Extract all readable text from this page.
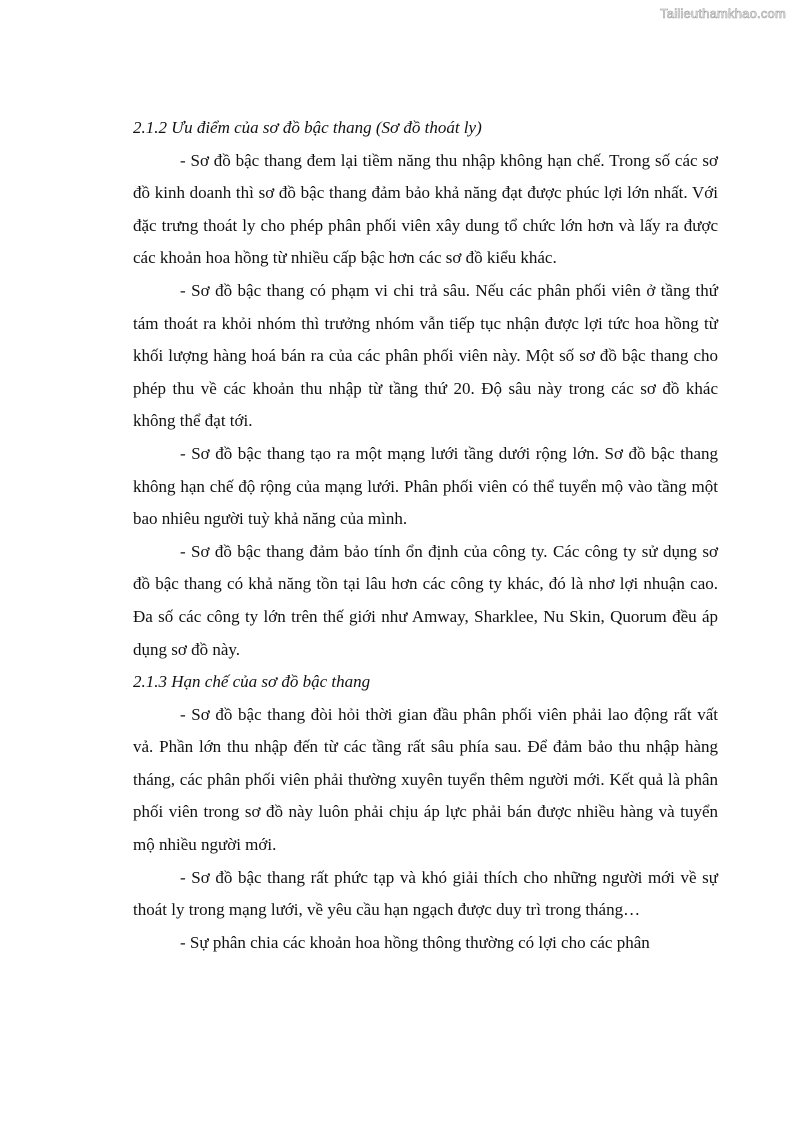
Tailieuthamkhao.com

2.1.2 Ưu điểm của sơ đồ bậc thang (Sơ đồ thoát ly)

- Sơ đồ bậc thang đem lại tiềm năng thu nhập không hạn chế. Trong số các sơ đồ kinh doanh thì sơ đồ bậc thang đảm bảo khả năng đạt được phúc lợi lớn nhất. Với đặc trưng thoát ly cho phép phân phối viên xây dung tổ chức lớn hơn và lấy ra được các khoản hoa hồng từ nhiều cấp bậc hơn các sơ đồ kiểu khác.

- Sơ đồ bậc thang có phạm vi chi trả sâu. Nếu các phân phối viên ở tầng thứ tám thoát ra khỏi nhóm thì trưởng nhóm vẫn tiếp tục nhận được lợi tức hoa hồng từ khối lượng hàng hoá bán ra của các phân phối viên này. Một số sơ đồ bậc thang cho phép thu về các khoản thu nhập từ tầng thứ 20. Độ sâu này trong các sơ đồ khác không thể đạt tới.

- Sơ đồ bậc thang tạo ra một mạng lưới tầng dưới rộng lớn. Sơ đồ bậc thang không hạn chế độ rộng của mạng lưới. Phân phối viên có thể tuyển mộ vào tầng một bao nhiêu người tuỳ khả năng của mình.

- Sơ đồ bậc thang đảm bảo tính ổn định của công ty. Các công ty sử dụng sơ đồ bậc thang có khả năng tồn tại lâu hơn các công ty khác, đó là nhơ lợi nhuận cao. Đa số các công ty lớn trên thế giới như Amway, Sharklee, Nu Skin, Quorum đều áp dụng sơ đồ này.

2.1.3 Hạn chế của sơ đồ bậc thang

- Sơ đồ bậc thang đòi hỏi thời gian đầu phân phối viên phải lao động rất vất vả. Phần lớn thu nhập đến từ các tầng rất sâu phía sau. Để đảm bảo thu nhập hàng tháng, các phân phối viên phải thường xuyên tuyển thêm người mới. Kết quả là phân phối viên trong sơ đồ này luôn phải chịu áp lực phải bán được nhiều hàng và tuyển mộ nhiều người mới.

- Sơ đồ bậc thang rất phức tạp và khó giải thích cho những người mới về sự thoát ly trong mạng lưới, về yêu cầu hạn ngạch được duy trì trong tháng…

- Sự phân chia các khoản hoa hồng thông thường có lợi cho các phân
